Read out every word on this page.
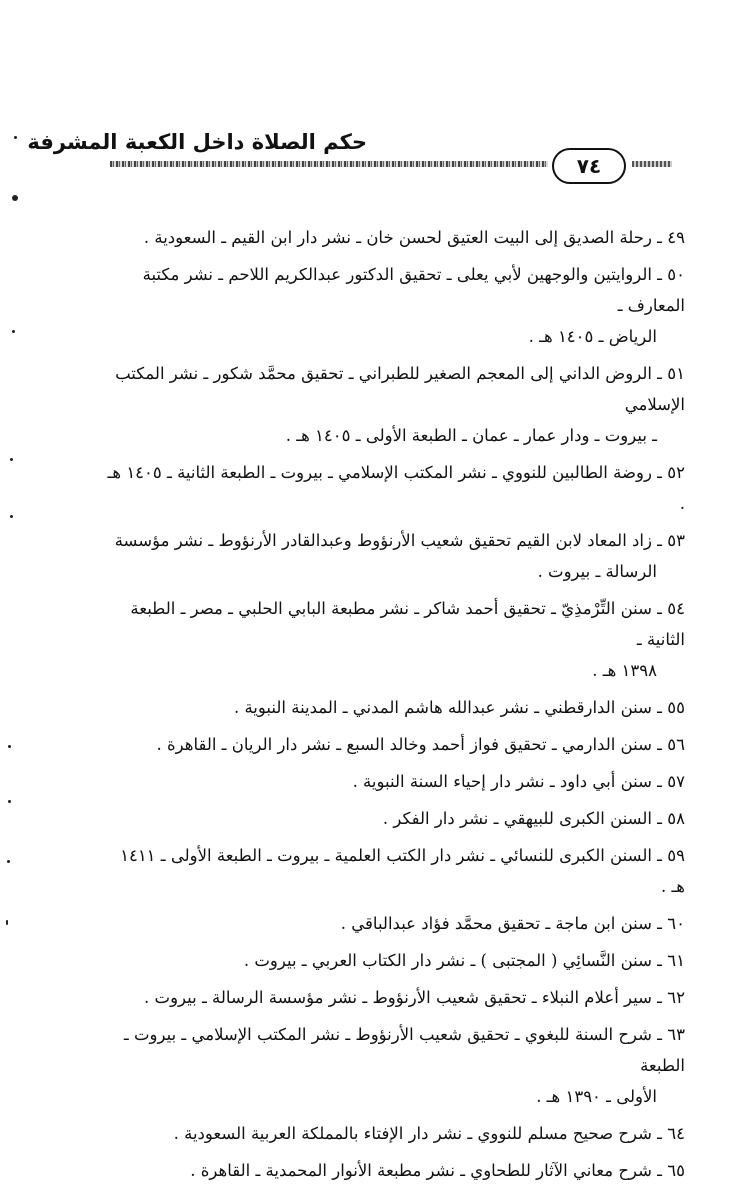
حكم الصلاة داخل الكعبة المشرفة
٧٤
٤٩ ـ رحلة الصديق إلى البيت العتيق لحسن خان ـ نشر دار ابن القيم ـ السعودية .
٥٠ ـ الروايتين والوجهين لأبي يعلى ـ تحقيق الدكتور عبدالكريم اللاحم ـ نشر مكتبة المعارف ـ
الرياض ـ ١٤٠٥ هـ .
٥١ ـ الروض الداني إلى المعجم الصغير للطبراني ـ تحقيق محمَّد شكور ـ نشر المكتب الإسلامي
ـ بيروت ـ ودار عمار ـ عمان ـ الطبعة الأولى ـ ١٤٠٥ هـ .
٥٢ ـ روضة الطالبين للنووي ـ نشر المكتب الإسلامي ـ بيروت ـ الطبعة الثانية ـ ١٤٠٥ هـ .
٥٣ ـ زاد المعاد لابن القيم تحقيق شعيب الأرنؤوط وعبدالقادر الأرنؤوط ـ نشر مؤسسة
الرسالة ـ بيروت .
٥٤ ـ سنن التِّرْمذِيّ ـ تحقيق أحمد شاكر ـ نشر مطبعة البابي الحلبي ـ مصر ـ الطبعة الثانية ـ
١٣٩٨ هـ .
٥٥ ـ سنن الدارقطني ـ نشر عبدالله هاشم المدني ـ المدينة النبوية .
٥٦ ـ سنن الدارمي ـ تحقيق فواز أحمد وخالد السبع ـ نشر دار الريان ـ القاهرة .
٥٧ ـ سنن أبي داود ـ نشر دار إحياء السنة النبوية .
٥٨ ـ السنن الكبرى للبيهقي ـ نشر دار الفكر .
٥٩ ـ السنن الكبرى للنسائي ـ نشر دار الكتب العلمية ـ بيروت ـ الطبعة الأولى ـ ١٤١١ هـ .
٦٠ ـ سنن ابن ماجة ـ تحقيق محمَّد فؤاد عبدالباقي .
٦١ ـ سنن النَّسائِي ( المجتبى ) ـ نشر دار الكتاب العربي ـ بيروت .
٦٢ ـ سير أعلام النبلاء ـ تحقيق شعيب الأرنؤوط ـ نشر مؤسسة الرسالة ـ بيروت .
٦٣ ـ شرح السنة للبغوي ـ تحقيق شعيب الأرنؤوط ـ نشر المكتب الإسلامي ـ بيروت ـ الطبعة
الأولى ـ ١٣٩٠ هـ .
٦٤ ـ شرح صحيح مسلم للنووي ـ نشر دار الإفتاء بالمملكة العربية السعودية .
٦٥ ـ شرح معاني الآثار للطحاوي ـ نشر مطبعة الأنوار المحمدية ـ القاهرة .
